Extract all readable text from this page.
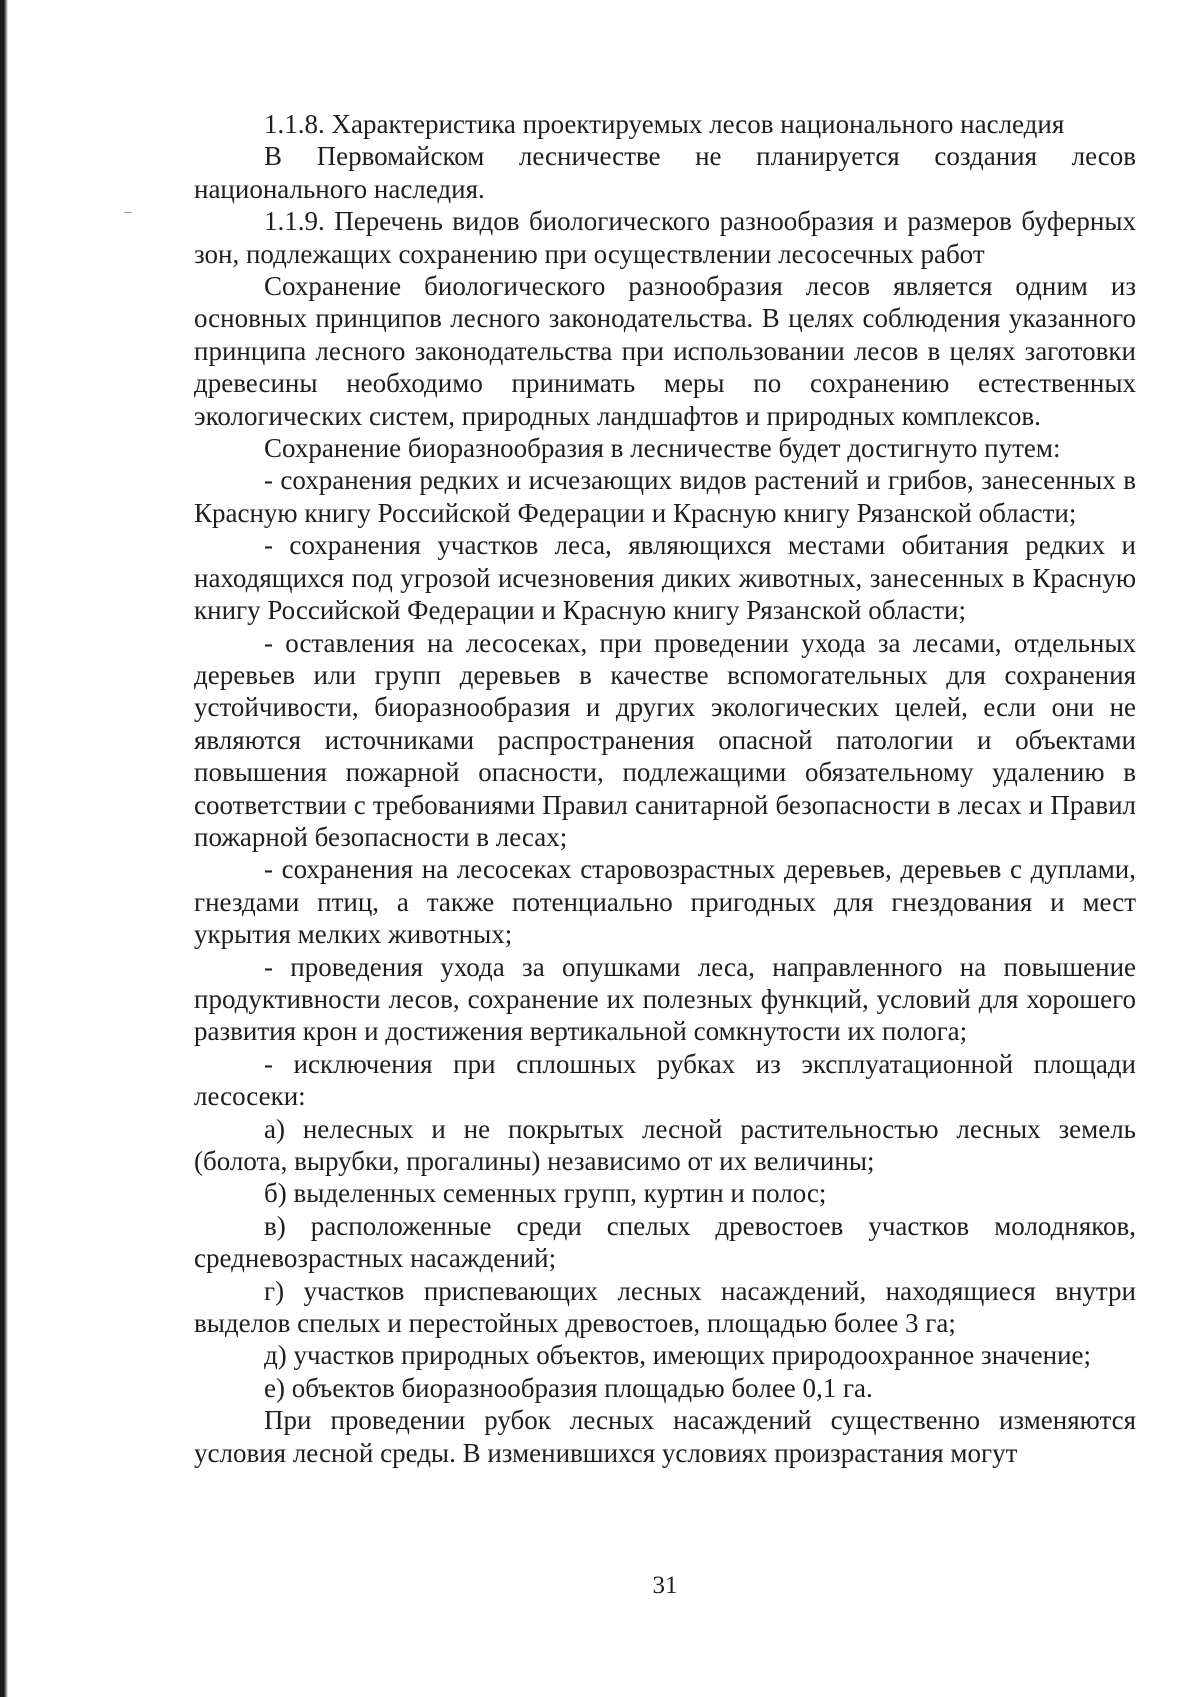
1.1.8. Характеристика проектируемых лесов национального наследия

В Первомайском лесничестве не планируется создания лесов национального наследия.

1.1.9. Перечень видов биологического разнообразия и размеров буферных зон, подлежащих сохранению при осуществлении лесосечных работ

Сохранение биологического разнообразия лесов является одним из основных принципов лесного законодательства. В целях соблюдения указанного принципа лесного законодательства при использовании лесов в целях заготовки древесины необходимо принимать меры по сохранению естественных экологических систем, природных ландшафтов и природных комплексов.

Сохранение биоразнообразия в лесничестве будет достигнуто путем:

- сохранения редких и исчезающих видов растений и грибов, занесенных в Красную книгу Российской Федерации и Красную книгу Рязанской области;

- сохранения участков леса, являющихся местами обитания редких и находящихся под угрозой исчезновения диких животных, занесенных в Красную книгу Российской Федерации и Красную книгу Рязанской области;

- оставления на лесосеках, при проведении ухода за лесами, отдельных деревьев или групп деревьев в качестве вспомогательных для сохранения устойчивости, биоразнообразия и других экологических целей, если они не являются источниками распространения опасной патологии и объектами повышения пожарной опасности, подлежащими обязательному удалению в соответствии с требованиями Правил санитарной безопасности в лесах и Правил пожарной безопасности в лесах;

- сохранения на лесосеках старовозрастных деревьев, деревьев с дуплами, гнездами птиц, а также потенциально пригодных для гнездования и мест укрытия мелких животных;

- проведения ухода за опушками леса, направленного на повышение продуктивности лесов, сохранение их полезных функций, условий для хорошего развития крон и достижения вертикальной сомкнутости их полога;

- исключения при сплошных рубках из эксплуатационной площади лесосеки:

а) нелесных и не покрытых лесной растительностью лесных земель (болота, вырубки, прогалины) независимо от их величины;

б) выделенных семенных групп, куртин и полос;

в) расположенные среди спелых древостоев участков молодняков, средневозрастных насаждений;

г) участков приспевающих лесных насаждений, находящиеся внутри выделов спелых и перестойных древостоев, площадью более 3 га;

д) участков природных объектов, имеющих природоохранное значение;

е) объектов биоразнообразия площадью более 0,1 га.

При проведении рубок лесных насаждений существенно изменяются условия лесной среды. В изменившихся условиях произрастания могут

31
